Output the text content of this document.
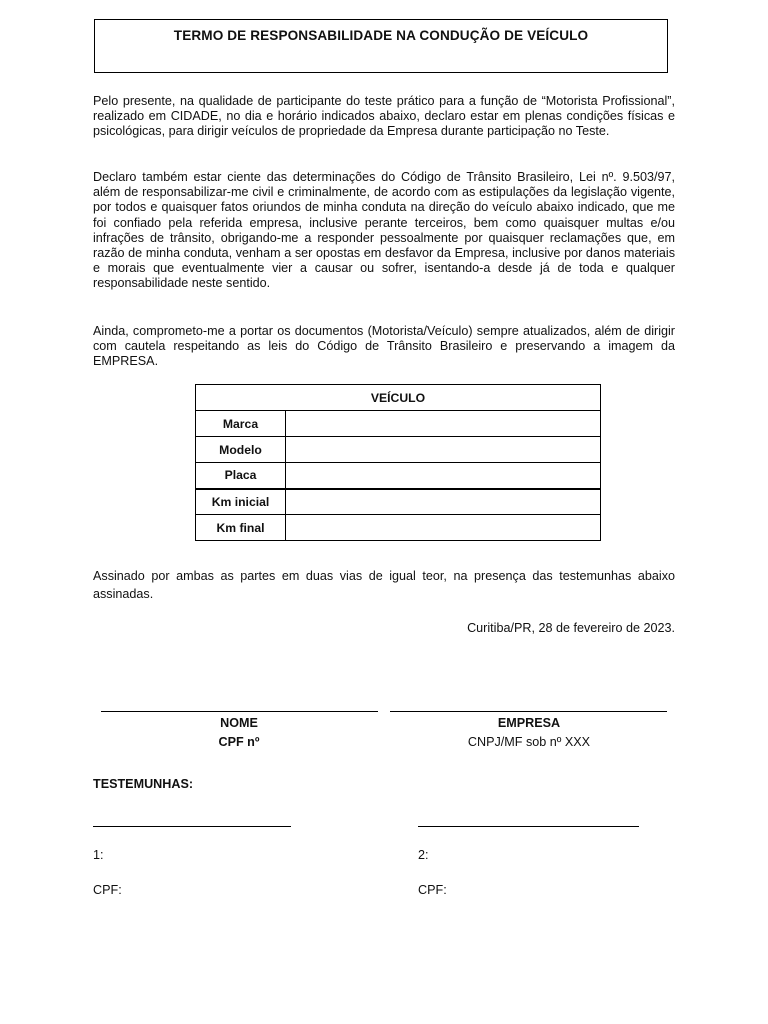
TERMO DE RESPONSABILIDADE NA CONDUÇÃO DE VEÍCULO

Pelo presente, na qualidade de participante do teste prático para a função de “Motorista Profissional”, realizado em CIDADE, no dia e horário indicados abaixo, declaro estar em plenas condições físicas e psicológicas, para dirigir veículos de propriedade da Empresa durante participação no Teste.

Declaro também estar ciente das determinações do Código de Trânsito Brasileiro, Lei nº. 9.503/97, além de responsabilizar-me civil e criminalmente, de acordo com as estipulações da legislação vigente, por todos e quaisquer fatos oriundos de minha conduta na direção do veículo abaixo indicado, que me foi confiado pela referida empresa, inclusive perante terceiros, bem como quaisquer multas e/ou infrações de trânsito, obrigando-me a responder pessoalmente por quaisquer reclamações que, em razão de minha conduta, venham a ser opostas em desfavor da Empresa, inclusive por danos materiais e morais que eventualmente vier a causar ou sofrer, isentando-a desde já de toda e qualquer responsabilidade neste sentido.

Ainda, comprometo-me a portar os documentos (Motorista/Veículo) sempre atualizados, além de dirigir com cautela respeitando as leis do Código de Trânsito Brasileiro e preservando a imagem da EMPRESA.

VEÍCULO	
Marca	
Modelo	
Placa	
Km inicial	
Km final	

Assinado por ambas as partes em duas vias de igual teor, na presença das testemunhas abaixo assinadas.

Curitiba/PR, 28 de fevereiro de 2023.
NOME	EMPRESA
CPF nº	CNPJ/MF sob nº XXX
TESTEMUNHAS:
1:	2:
CPF:	CPF:
